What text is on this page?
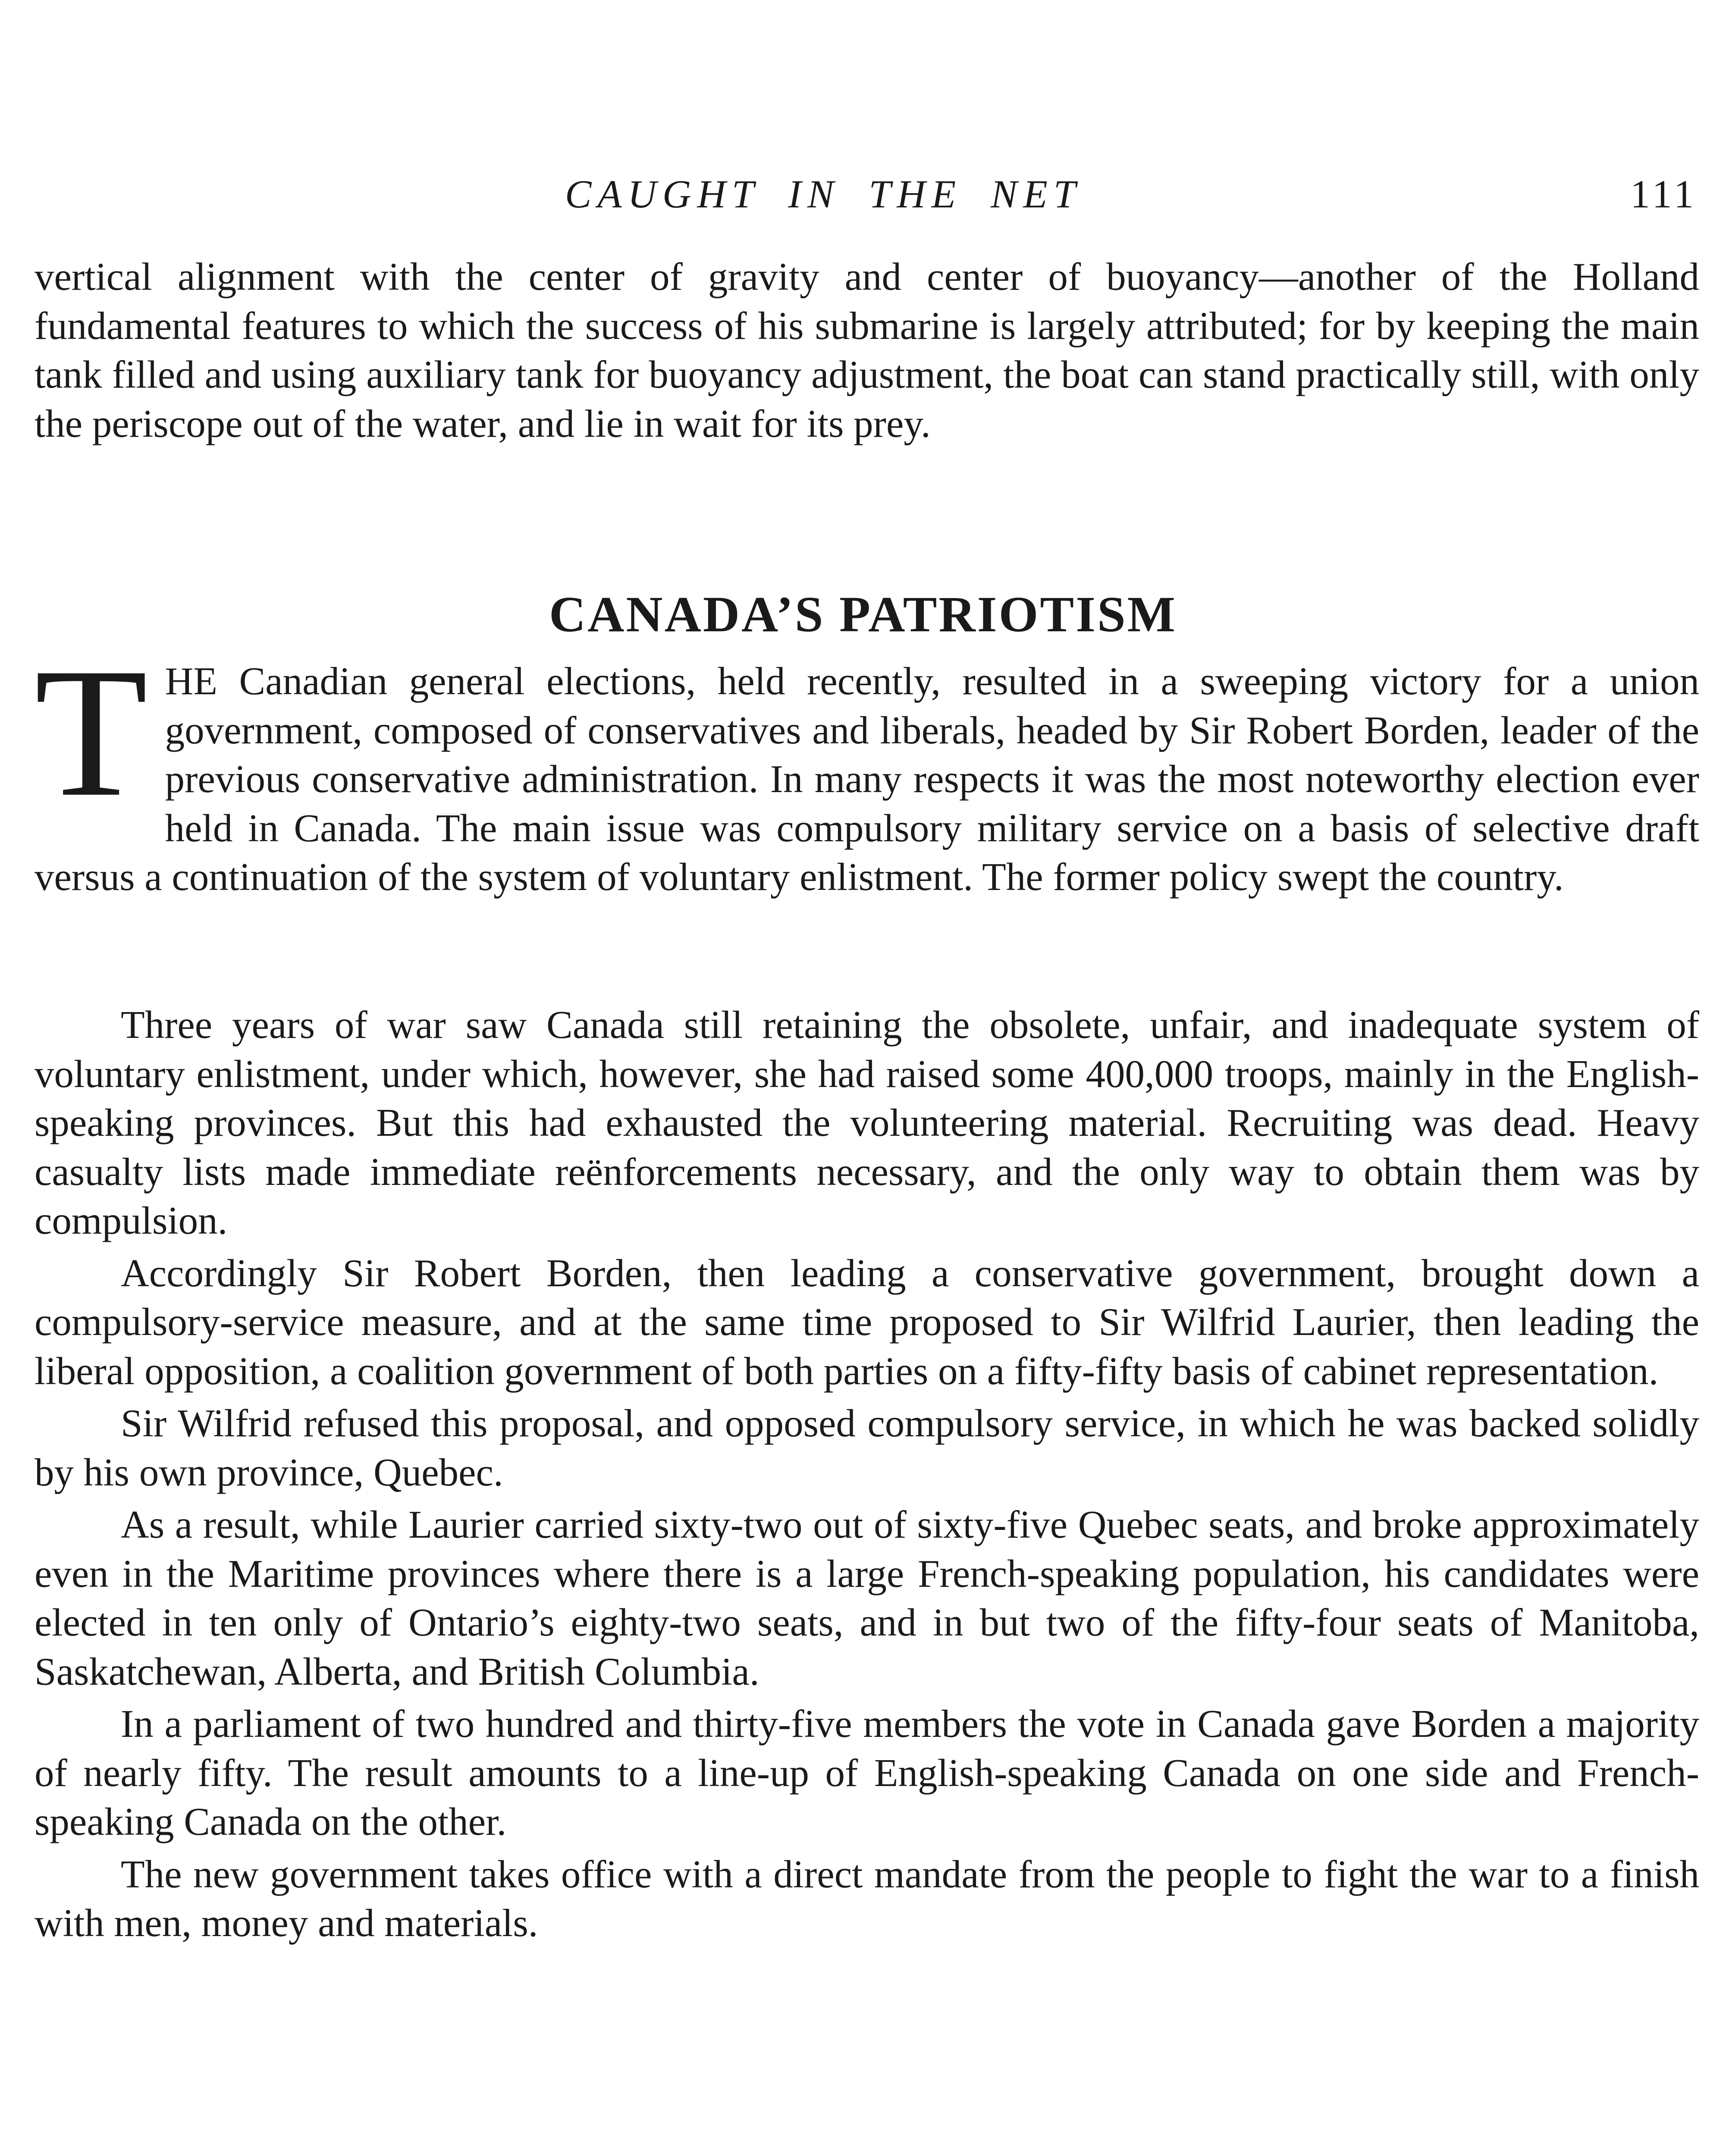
CAUGHT IN THE NET	111

vertical alignment with the center of gravity and center of buoyancy—another of the Holland fundamental features to which the success of his submarine is largely attributed; for by keeping the main tank filled and using auxiliary tank for buoyancy adjustment, the boat can stand practically still, with only the periscope out of the water, and lie in wait for its prey.

CANADA’S PATRIOTISM

THE Canadian general elections, held recently, resulted in a sweeping victory for a union government, composed of conservatives and liberals, headed by Sir Robert Borden, leader of the previous conservative administration. In many respects it was the most noteworthy election ever held in Canada. The main issue was compulsory military service on a basis of selective draft versus a continuation of the system of voluntary enlistment. The former policy swept the country.

Three years of war saw Canada still retaining the obsolete, unfair, and inadequate system of voluntary enlistment, under which, however, she had raised some 400,000 troops, mainly in the English-speaking provinces. But this had exhausted the volunteering material. Recruiting was dead. Heavy casualty lists made immediate reënforcements necessary, and the only way to obtain them was by compulsion.

Accordingly Sir Robert Borden, then leading a conservative government, brought down a compulsory-service measure, and at the same time proposed to Sir Wilfrid Laurier, then leading the liberal opposition, a coalition government of both parties on a fifty-fifty basis of cabinet representation.

Sir Wilfrid refused this proposal, and opposed compulsory service, in which he was backed solidly by his own province, Quebec.

As a result, while Laurier carried sixty-two out of sixty-five Quebec seats, and broke approximately even in the Maritime provinces where there is a large French-speaking population, his candidates were elected in ten only of Ontario’s eighty-two seats, and in but two of the fifty-four seats of Manitoba, Saskatchewan, Alberta, and British Columbia.

In a parliament of two hundred and thirty-five members the vote in Canada gave Borden a majority of nearly fifty. The result amounts to a line-up of English-speaking Canada on one side and French-speaking Canada on the other.

The new government takes office with a direct mandate from the people to fight the war to a finish with men, money and materials.
